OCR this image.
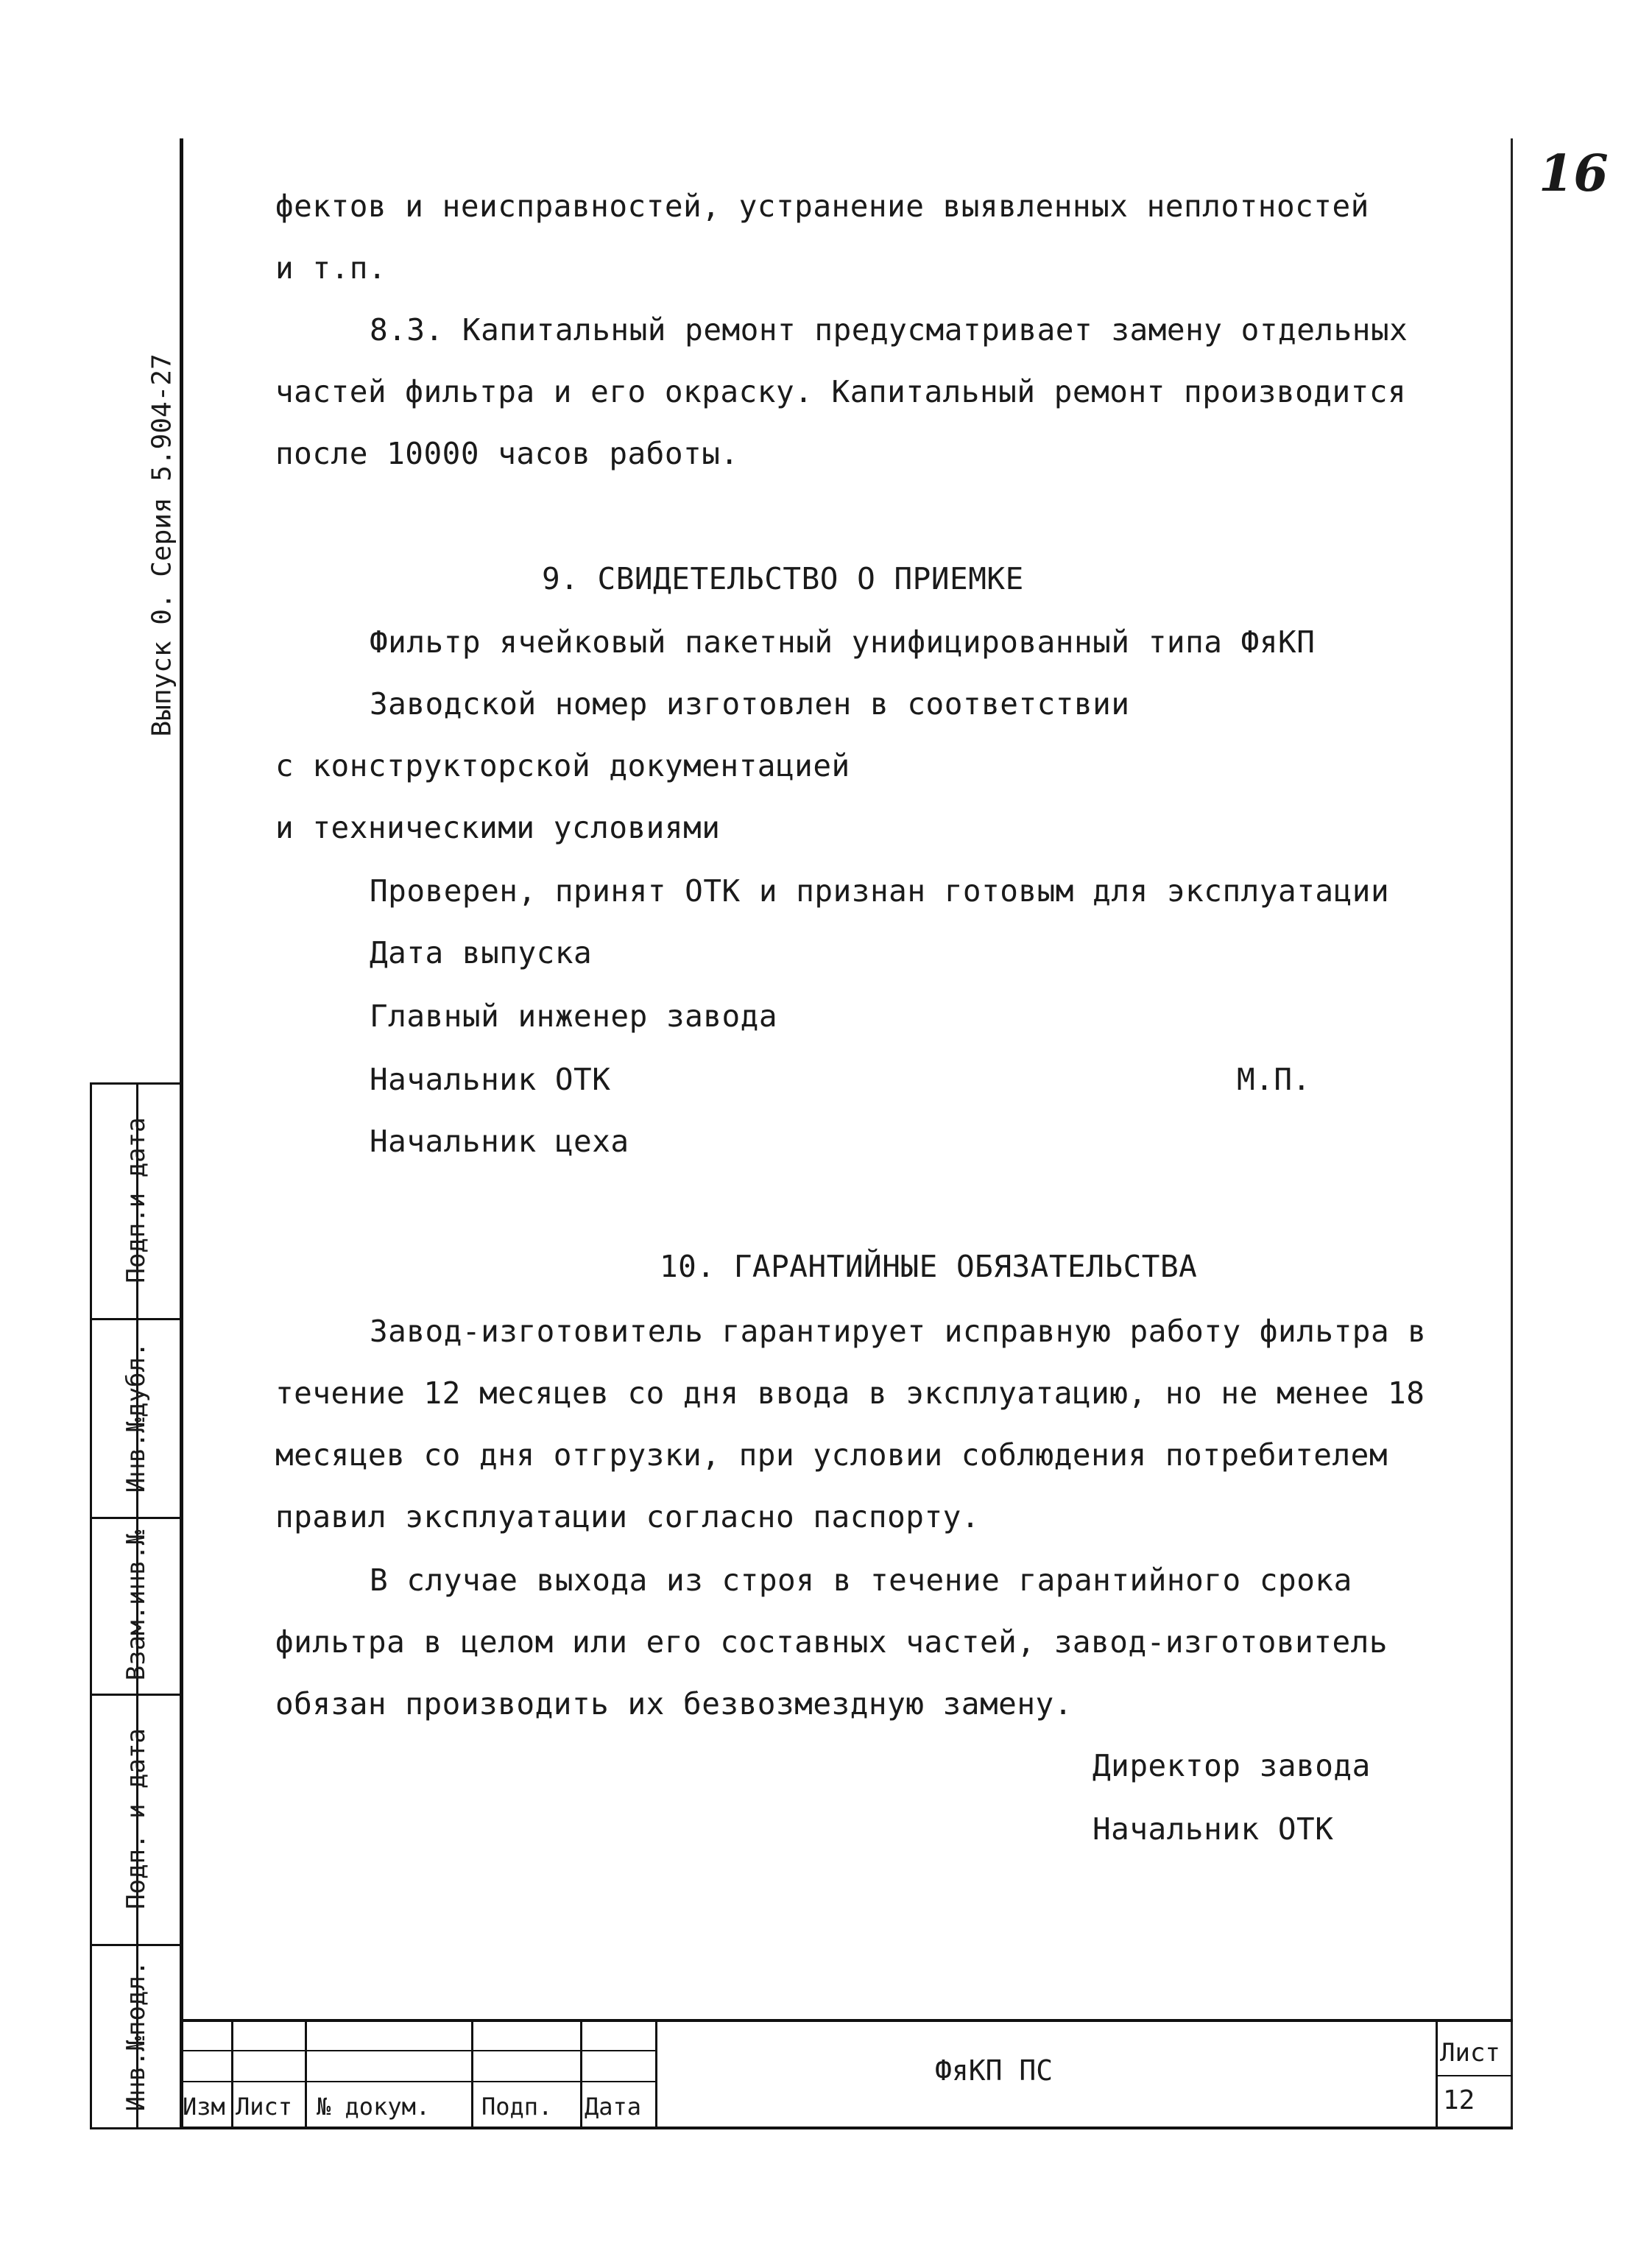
16
Выпуск 0. Серия 5.904-27
Подп.и дата
Инв.№дубл.
Взам.инв.№
Подп. и дата
Инв.№подл.
фектов и неисправностей, устранение выявленных неплотностей
и т.п.
8.3. Капитальный ремонт предусматривает замену отдельных
частей фильтра и его окраску. Капитальный ремонт производится
после 10000 часов работы.
9. СВИДЕТЕЛЬСТВО О ПРИЕМКЕ
Фильтр ячейковый пакетный унифицированный типа ФяКП
Заводской номер изготовлен в соответствии
с конструкторской документацией
и техническими условиями
Проверен, принят ОТК и признан готовым для эксплуатации
Дата выпуска
Главный инженер завода
Начальник ОТК	М.П.
Начальник цеха
10. ГАРАНТИЙНЫЕ ОБЯЗАТЕЛЬСТВА
Завод-изготовитель гарантирует исправную работу фильтра в
течение 12 месяцев со дня ввода в эксплуатацию, но не менее 18
месяцев со дня отгрузки, при условии соблюдения потребителем
правил эксплуатации согласно паспорту.
В случае выхода из строя в течение гарантийного срока
фильтра в целом или его составных частей, завод-изготовитель
обязан производить их безвозмездную замену.
Директор завода
Начальник ОТК
Изм Лист № докум. Подп. Дата
ФяКП ПС
Лист
12
